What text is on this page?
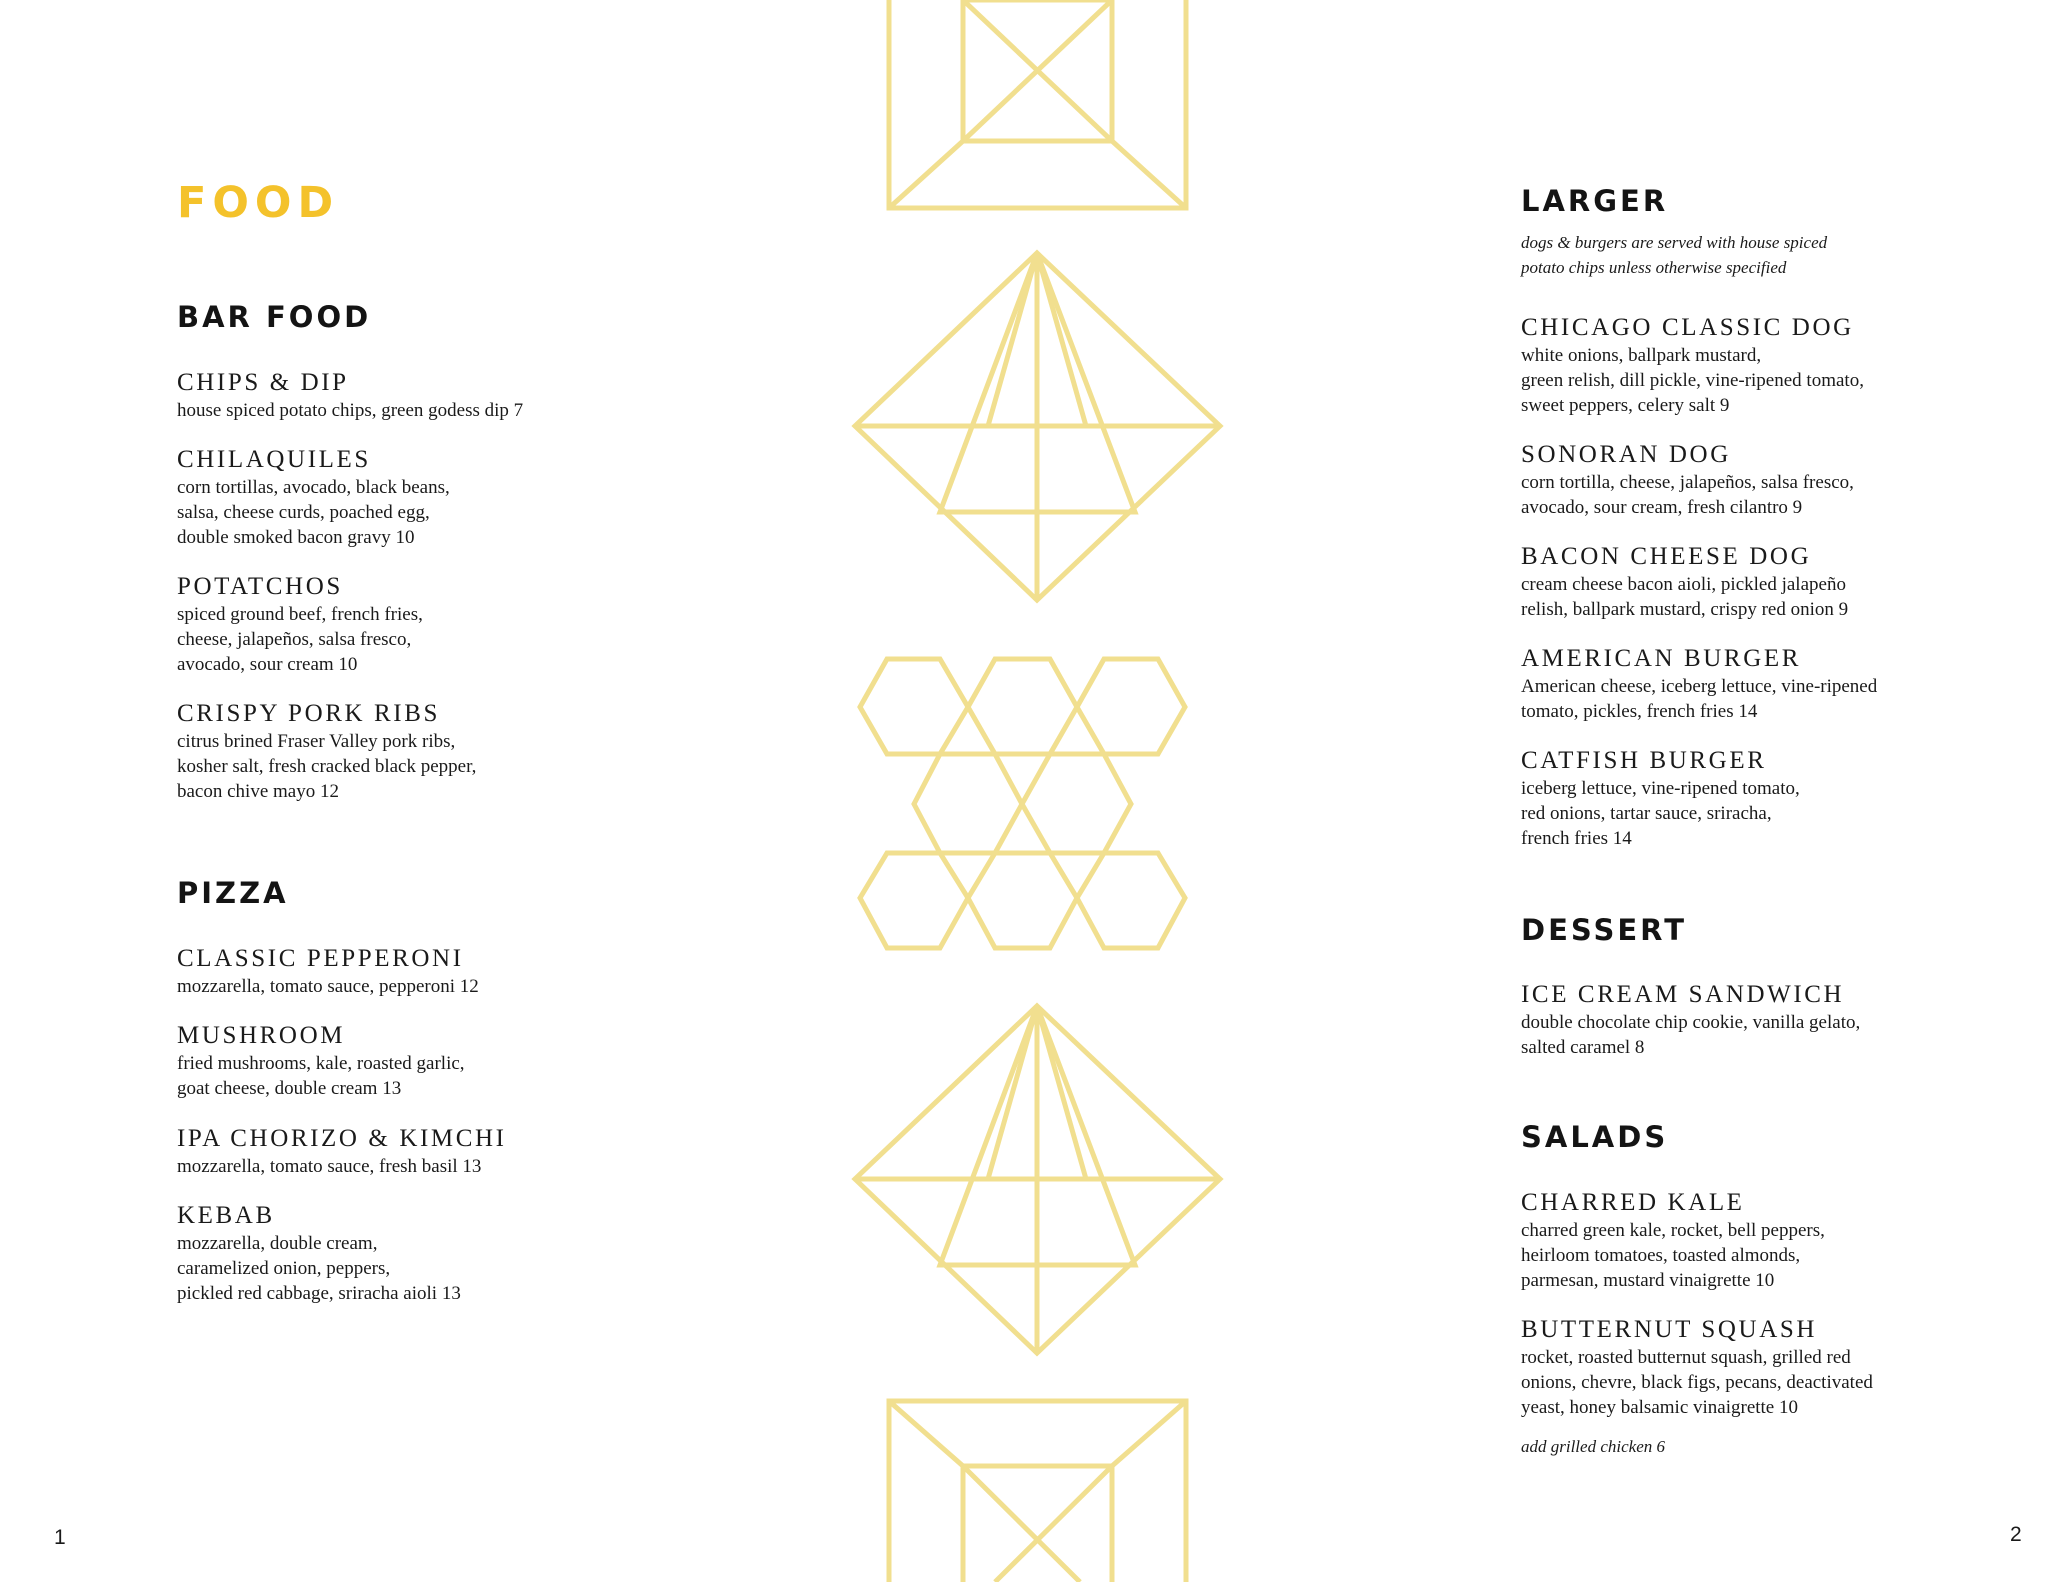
FOOD
BAR FOOD

CHIPS & DIP

house spiced potato chips, green godess dip 7

CHILAQUILES

corn tortillas, avocado, black beans,
salsa, cheese curds, poached egg,
double smoked bacon gravy 10

POTATCHOS

spiced ground beef, french fries,
cheese, jalapeños, salsa fresco,
avocado, sour cream 10

CRISPY PORK RIBS

citrus brined Fraser Valley pork ribs,
kosher salt, fresh cracked black pepper,
bacon chive mayo 12

PIZZA

CLASSIC PEPPERONI

mozzarella, tomato sauce, pepperoni 12

MUSHROOM

fried mushrooms, kale, roasted garlic,
goat cheese, double cream 13

IPA CHORIZO & KIMCHI

mozzarella, tomato sauce, fresh basil 13

KEBAB

mozzarella, double cream,
caramelized onion, peppers,
pickled red cabbage, sriracha aioli 13

1
LARGER

dogs & burgers are served with house spiced
potato chips unless otherwise specified

CHICAGO CLASSIC DOG

white onions, ballpark mustard,
green relish, dill pickle, vine-ripened tomato,
sweet peppers, celery salt 9

SONORAN DOG

corn tortilla, cheese, jalapeños, salsa fresco,
avocado, sour cream, fresh cilantro 9

BACON CHEESE DOG

cream cheese bacon aioli, pickled jalapeño
relish, ballpark mustard, crispy red onion 9

AMERICAN BURGER

American cheese, iceberg lettuce, vine-ripened
tomato, pickles, french fries 14

CATFISH BURGER

iceberg lettuce, vine-ripened tomato,
red onions, tartar sauce, sriracha,
french fries 14

DESSERT

ICE CREAM SANDWICH

double chocolate chip cookie, vanilla gelato,
salted caramel 8

SALADS

CHARRED KALE

charred green kale, rocket, bell peppers,
heirloom tomatoes, toasted almonds,
parmesan, mustard vinaigrette 10

BUTTERNUT SQUASH

rocket, roasted butternut squash, grilled red
onions, chevre, black figs, pecans, deactivated
yeast, honey balsamic vinaigrette 10

add grilled chicken 6

2
